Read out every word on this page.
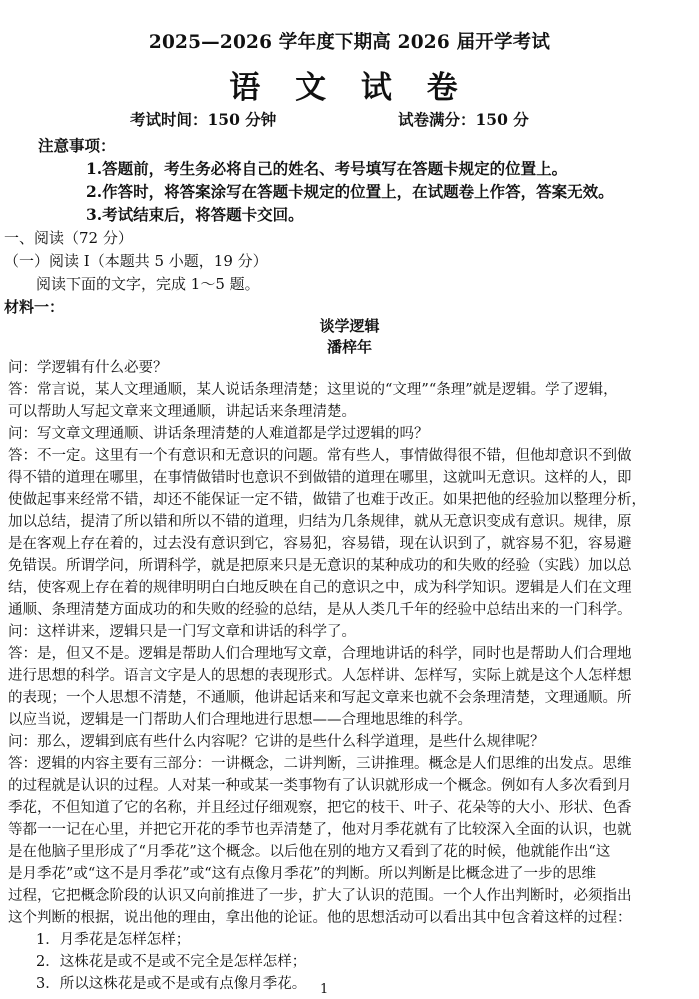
2025—2026 学年度下期高 2026 届开学考试
语 文 试 卷
考试时间：150 分钟	试卷满分：150 分
注意事项：
1.答题前，考生务必将自己的姓名、考号填写在答题卡规定的位置上。
2.作答时，将答案涂写在答题卡规定的位置上，在试题卷上作答，答案无效。
3.考试结束后，将答题卡交回。
一、阅读（72 分）
（一）阅读 I（本题共 5 小题，19 分）
阅读下面的文字，完成 1～5 题。
材料一：
谈学逻辑
潘梓年
问：学逻辑有什么必要？
答：常言说，某人文理通顺，某人说话条理清楚；这里说的“文理”“条理”就是逻辑。学了逻辑，
可以帮助人写起文章来文理通顺，讲起话来条理清楚。
问：写文章文理通顺、讲话条理清楚的人难道都是学过逻辑的吗？
答：不一定。这里有一个有意识和无意识的问题。常有些人，事情做得很不错，但他却意识不到做
得不错的道理在哪里，在事情做错时也意识不到做错的道理在哪里，这就叫无意识。这样的人，即
使做起事来经常不错，却还不能保证一定不错，做错了也难于改正。如果把他的经验加以整理分析，
加以总结，提清了所以错和所以不错的道理，归结为几条规律，就从无意识变成有意识。规律，原
是在客观上存在着的，过去没有意识到它，容易犯，容易错，现在认识到了，就容易不犯，容易避
免错误。所谓学问，所谓科学，就是把原来只是无意识的某种成功的和失败的经验（实践）加以总
结，使客观上存在着的规律明明白白地反映在自己的意识之中，成为科学知识。逻辑是人们在文理
通顺、条理清楚方面成功的和失败的经验的总结，是从人类几千年的经验中总结出来的一门科学。
问：这样讲来，逻辑只是一门写文章和讲话的科学了。
答：是，但又不是。逻辑是帮助人们合理地写文章，合理地讲话的科学，同时也是帮助人们合理地
进行思想的科学。语言文字是人的思想的表现形式。人怎样讲、怎样写，实际上就是这个人怎样想
的表现；一个人思想不清楚，不通顺，他讲起话来和写起文章来也就不会条理清楚，文理通顺。所
以应当说，逻辑是一门帮助人们合理地进行思想——合理地思维的科学。
问：那么，逻辑到底有些什么内容呢？它讲的是些什么科学道理，是些什么规律呢？
答：逻辑的内容主要有三部分：一讲概念，二讲判断，三讲推理。概念是人们思维的出发点。思维
的过程就是认识的过程。人对某一种或某一类事物有了认识就形成一个概念。例如有人多次看到月
季花，不但知道了它的名称，并且经过仔细观察，把它的枝干、叶子、花朵等的大小、形状、色香
等都一一记在心里，并把它开花的季节也弄清楚了，他对月季花就有了比较深入全面的认识，也就
是在他脑子里形成了“月季花”这个概念。以后他在别的地方又看到了花的时候，他就能作出“这
是月季花”或“这不是月季花”或“这有点像月季花”的判断。所以判断是比概念进了一步的思维
过程，它把概念阶段的认识又向前推进了一步，扩大了认识的范围。一个人作出判断时，必须指出
这个判断的根据，说出他的理由，拿出他的论证。他的思想活动可以看出其中包含着这样的过程：
1．月季花是怎样怎样；
2．这株花是或不是或不完全是怎样怎样；
3．所以这株花是或不是或有点像月季花。 1
